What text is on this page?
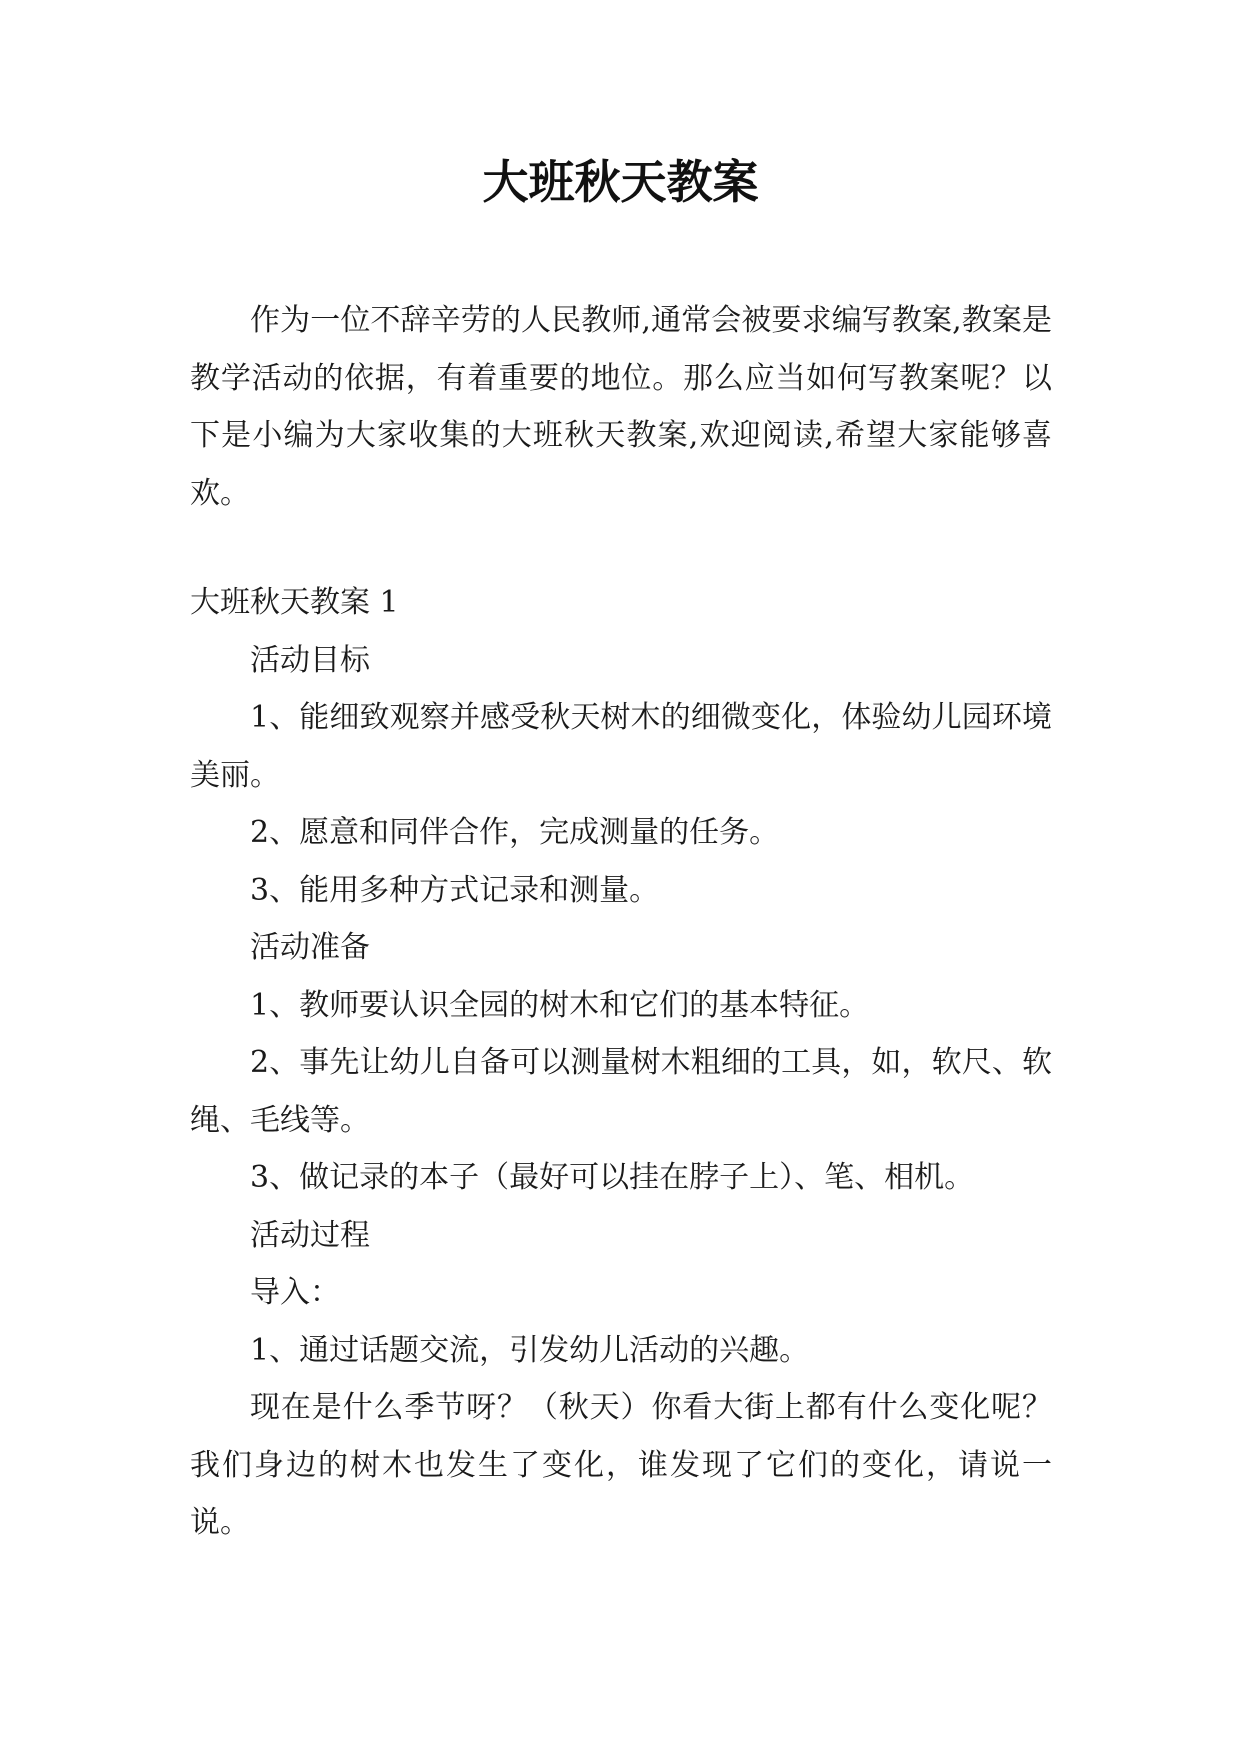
大班秋天教案

作为一位不辞辛劳的人民教师,通常会被要求编写教案,教案是教学活动的依据，有着重要的地位。那么应当如何写教案呢？以下是小编为大家收集的大班秋天教案,欢迎阅读,希望大家能够喜欢。

大班秋天教案 1

活动目标

1、能细致观察并感受秋天树木的细微变化，体验幼儿园环境美丽。

2、愿意和同伴合作，完成测量的任务。

3、能用多种方式记录和测量。

活动准备

1、教师要认识全园的树木和它们的基本特征。

2、事先让幼儿自备可以测量树木粗细的工具，如，软尺、软绳、毛线等。

3、做记录的本子（最好可以挂在脖子上）、笔、相机。

活动过程

导入：

1、通过话题交流，引发幼儿活动的兴趣。

现在是什么季节呀？（秋天）你看大街上都有什么变化呢？我们身边的树木也发生了变化，谁发现了它们的变化，请说一说。
